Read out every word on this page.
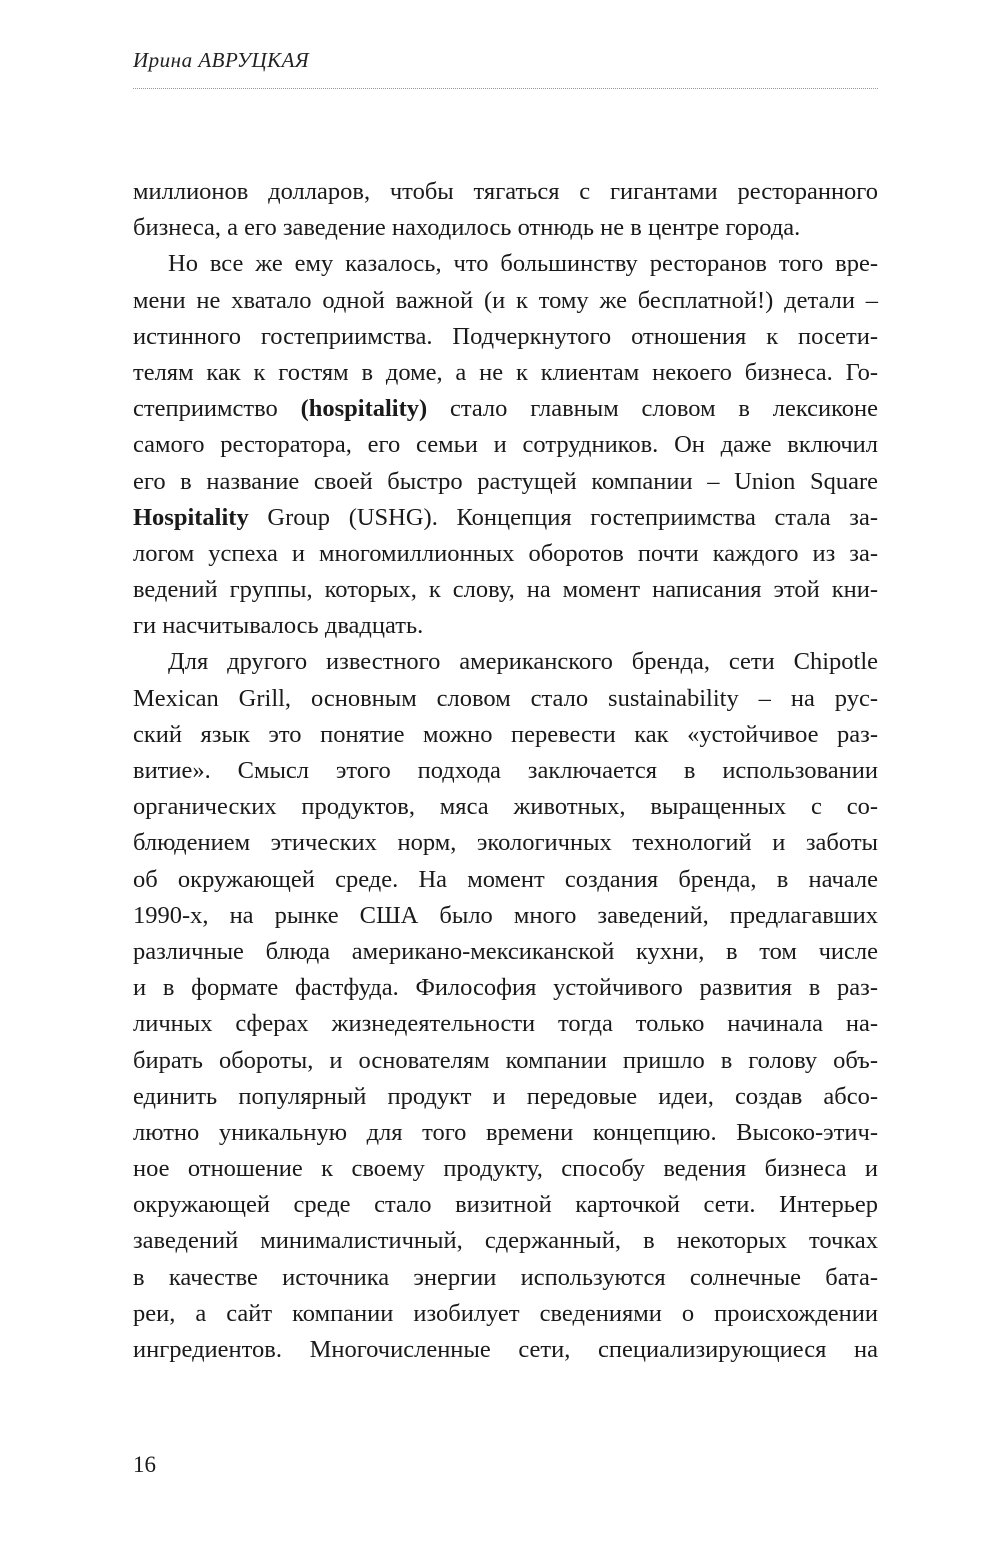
Ирина АВРУЦКАЯ
миллионов долларов, чтобы тягаться с гигантами ресторанного
бизнеса, а его заведение находилось отнюдь не в центре города.
Но все же ему казалось, что большинству ресторанов того вре-
мени не хватало одной важной (и к тому же бесплатной!) детали –
истинного гостеприимства. Подчеркнутого отношения к посети-
телям как к гостям в доме, а не к клиентам некоего бизнеса. Го-
степриимство (hospitality) стало главным словом в лексиконе
самого ресторатора, его семьи и сотрудников. Он даже включил
его в название своей быстро растущей компании – Union Square
Hospitality Group (USHG). Концепция гостеприимства стала за-
логом успеха и многомиллионных оборотов почти каждого из за-
ведений группы, которых, к слову, на момент написания этой кни-
ги насчитывалось двадцать.
Для другого известного американского бренда, сети Chipotle
Mexican Grill, основным словом стало sustainability – на рус-
ский язык это понятие можно перевести как «устойчивое раз-
витие». Смысл этого подхода заключается в использовании
органических продуктов, мяса животных, выращенных с со-
блюдением этических норм, экологичных технологий и заботы
об окружающей среде. На момент создания бренда, в начале
1990-х, на рынке США было много заведений, предлагавших
различные блюда американо-мексиканской кухни, в том числе
и в формате фастфуда. Философия устойчивого развития в раз-
личных сферах жизнедеятельности тогда только начинала на-
бирать обороты, и основателям компании пришло в голову объ-
единить популярный продукт и передовые идеи, создав абсо-
лютно уникальную для того времени концепцию. Высоко-этич-
ное отношение к своему продукту, способу ведения бизнеса и
окружающей среде стало визитной карточкой сети. Интерьер
заведений минималистичный, сдержанный, в некоторых точках
в качестве источника энергии используются солнечные бата-
реи, а сайт компании изобилует сведениями о происхождении
ингредиентов. Многочисленные сети, специализирующиеся на
16
